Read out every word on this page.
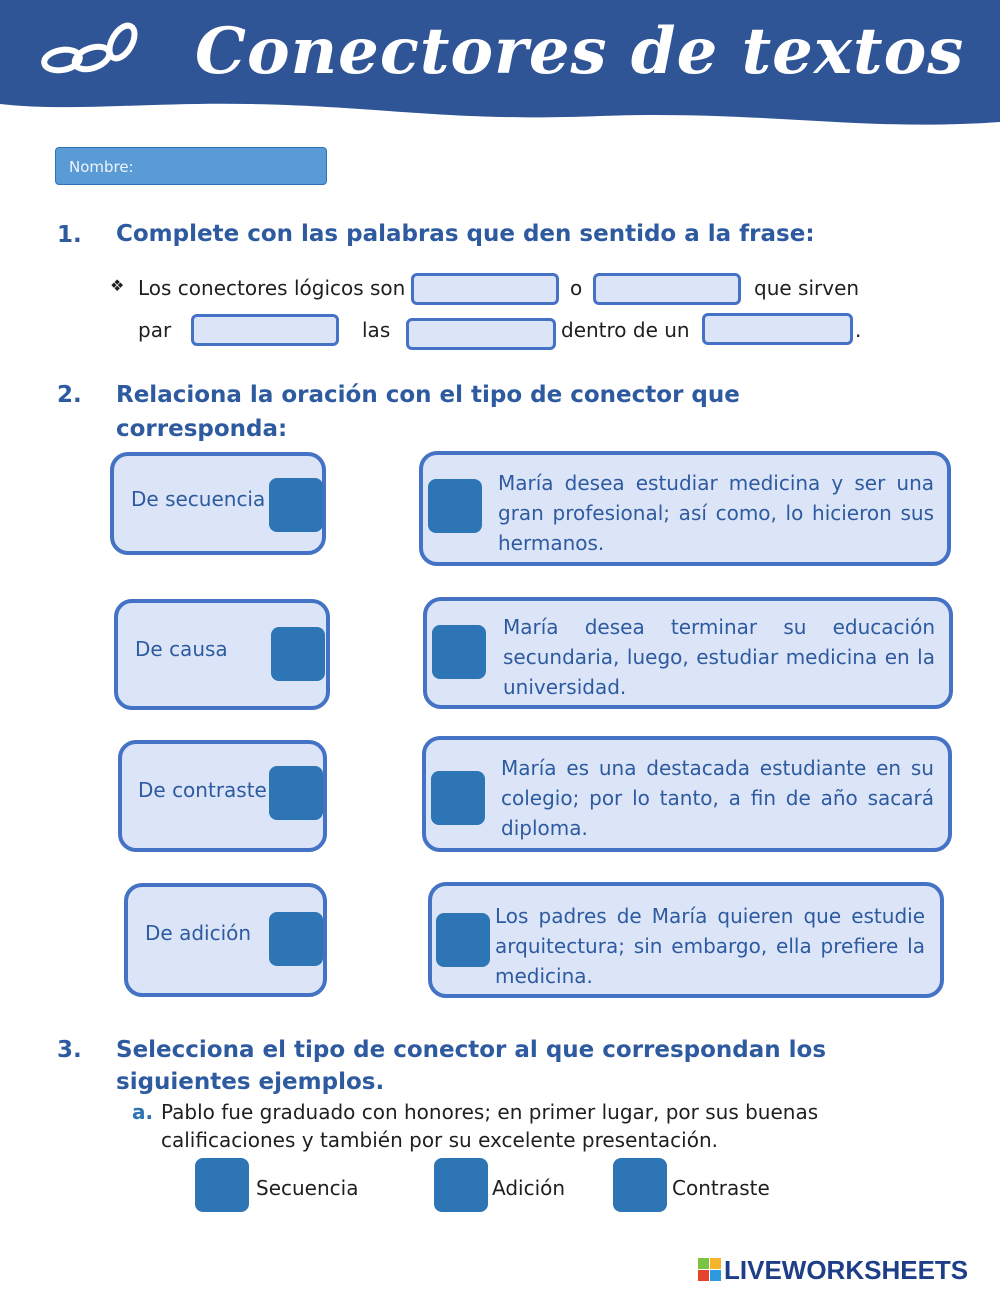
Conectores de textos
Nombre:
1. Complete con las palabras que den sentido a la frase:
❖ Los conectores lógicos son	o	que sirven
par	las	dentro de un	.
2. Relaciona la oración con el tipo de conector que
corresponda:
De secuencia
De causa
De contraste
De adición
María desea estudiar medicina y ser una gran profesional; así como, lo hicieron sus hermanos.
María desea terminar su educación secundaria, luego, estudiar medicina en la universidad.
María es una destacada estudiante en su colegio; por lo tanto, a fin de año sacará diploma.
Los padres de María quieren que estudie arquitectura; sin embargo, ella prefiere la medicina.
3. Selecciona el tipo de conector al que correspondan los
siguientes ejemplos.
a. Pablo fue graduado con honores; en primer lugar, por sus buenas
calificaciones y también por su excelente presentación.
Secuencia	Adición	Contraste
LIVEWORKSHEETS
